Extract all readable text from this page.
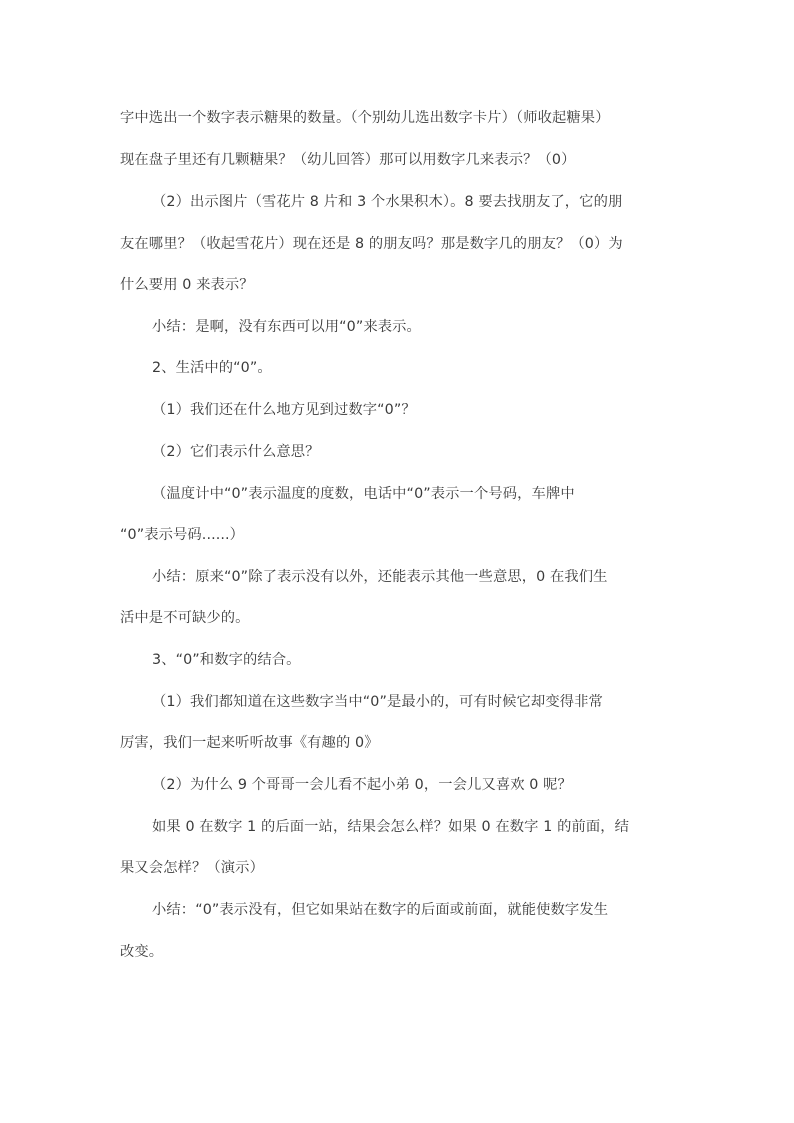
字中选出一个数字表示糖果的数量。（个别幼儿选出数字卡片）（师收起糖果）
现在盘子里还有几颗糖果？（幼儿回答）那可以用数字几来表示？（0）
（2）出示图片（雪花片 8 片和 3 个水果积木）。8 要去找朋友了，它的朋
友在哪里？（收起雪花片）现在还是 8 的朋友吗？那是数字几的朋友？（0）为
什么要用 0 来表示？
小结：是啊，没有东西可以用“0”来表示。
2、生活中的“0”。
（1）我们还在什么地方见到过数字“0”？
（2）它们表示什么意思？
（温度计中“0”表示温度的度数，电话中“0”表示一个号码，车牌中
“0”表示号码......）
小结：原来“0”除了表示没有以外，还能表示其他一些意思，0 在我们生
活中是不可缺少的。
3、“0”和数字的结合。
（1）我们都知道在这些数字当中“0”是最小的，可有时候它却变得非常
厉害，我们一起来听听故事《有趣的 0》
（2）为什么 9 个哥哥一会儿看不起小弟 0，一会儿又喜欢 0 呢？
如果 0 在数字 1 的后面一站，结果会怎么样？如果 0 在数字 1 的前面，结
果又会怎样？（演示）
小结：“0”表示没有，但它如果站在数字的后面或前面，就能使数字发生
改变。
